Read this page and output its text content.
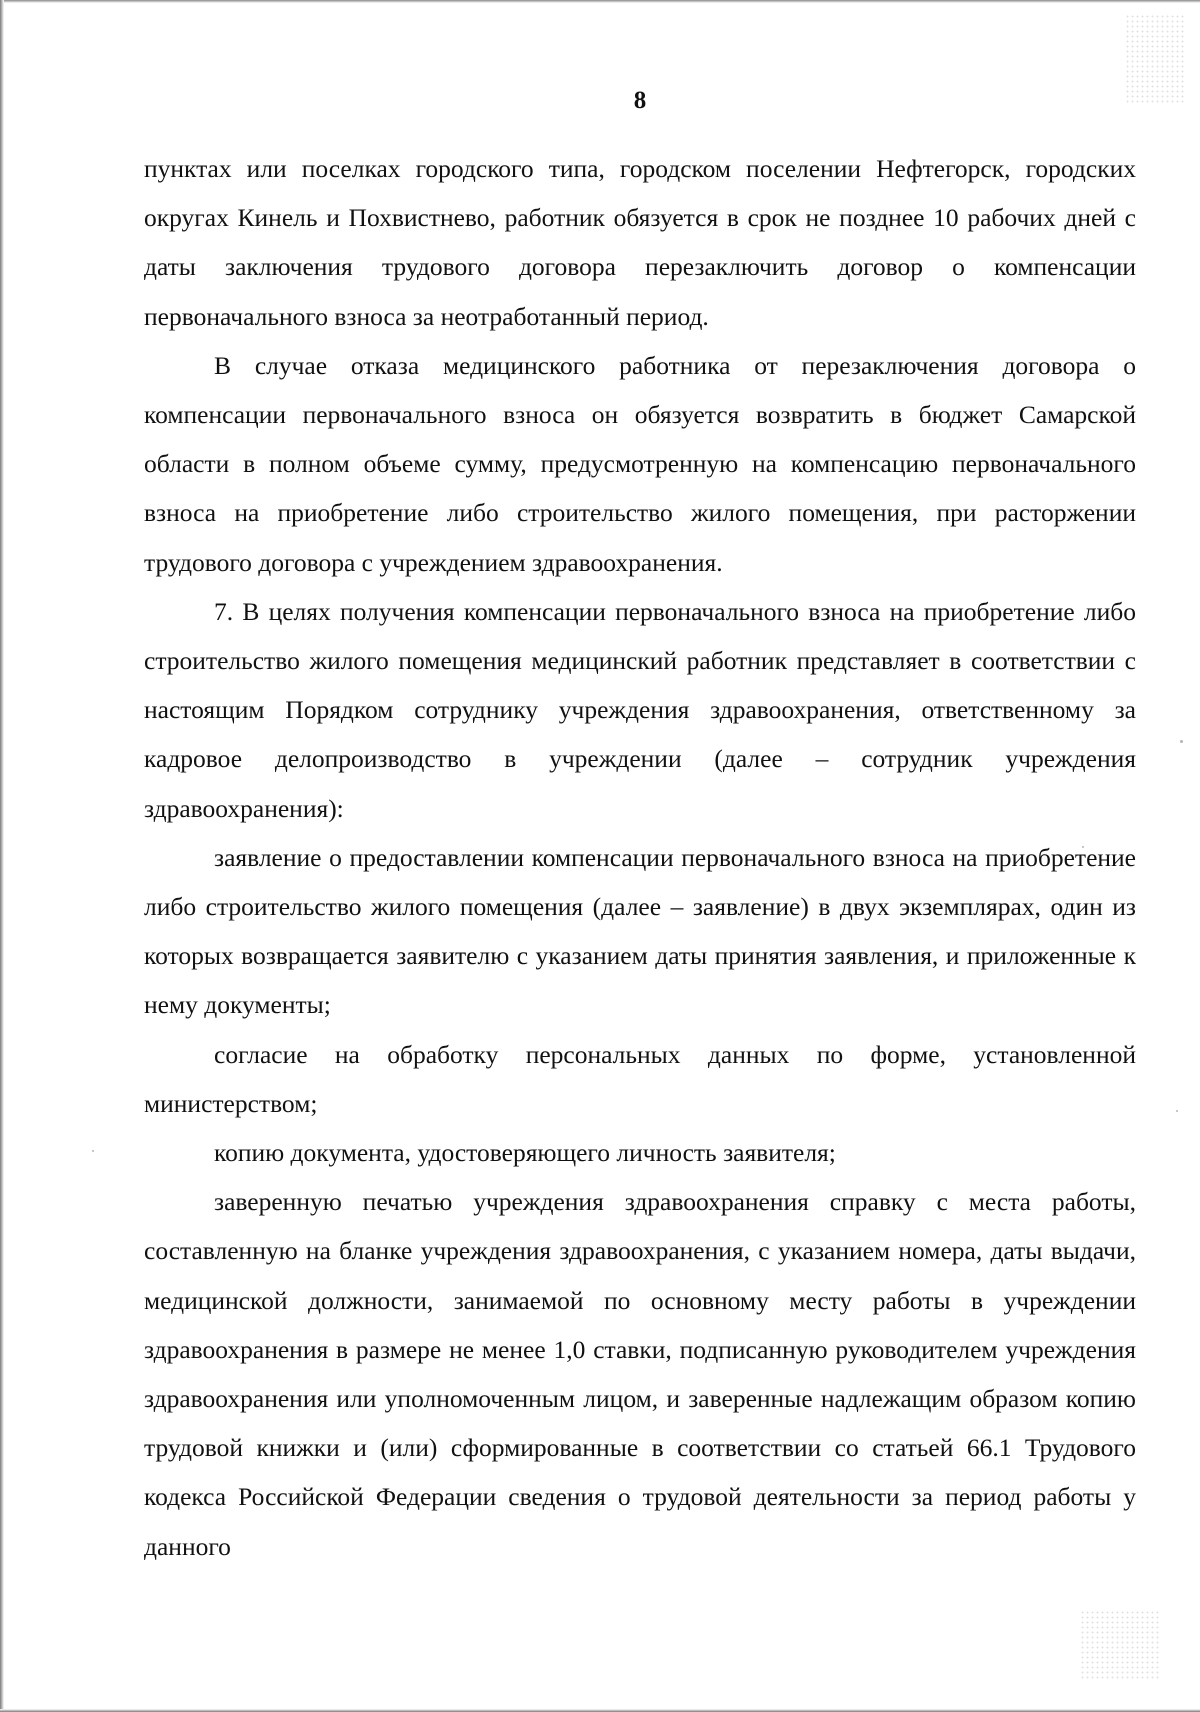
8

пунктах или поселках городского типа, городском поселении Нефтегорск, городских округах Кинель и Похвистнево, работник обязуется в срок не позднее 10 рабочих дней с даты заключения трудового договора перезаключить договор о компенсации первоначального взноса за неотработанный период.

В случае отказа медицинского работника от перезаключения договора о компенсации первоначального взноса он обязуется возвратить в бюджет Самарской области в полном объеме сумму, предусмотренную на компенсацию первоначального взноса на приобретение либо строительство жилого помещения, при расторжении трудового договора с учреждением здравоохранения.

7. В целях получения компенсации первоначального взноса на приобретение либо строительство жилого помещения медицинский работник представляет в соответствии с настоящим Порядком сотруднику учреждения здравоохранения, ответственному за кадровое делопроизводство в учреждении (далее – сотрудник учреждения здравоохранения):

заявление о предоставлении компенсации первоначального взноса на приобретение либо строительство жилого помещения (далее – заявление) в двух экземплярах, один из которых возвращается заявителю с указанием даты принятия заявления, и приложенные к нему документы;

согласие на обработку персональных данных по форме, установленной министерством;

копию документа, удостоверяющего личность заявителя;

заверенную печатью учреждения здравоохранения справку с места работы, составленную на бланке учреждения здравоохранения, с указанием номера, даты выдачи, медицинской должности, занимаемой по основному месту работы в учреждении здравоохранения в размере не менее 1,0 ставки, подписанную руководителем учреждения здравоохранения или уполномоченным лицом, и заверенные надлежащим образом копию трудовой книжки и (или) сформированные в соответствии со статьей 66.1 Трудового кодекса Российской Федерации сведения о трудовой деятельности за период работы у данного
